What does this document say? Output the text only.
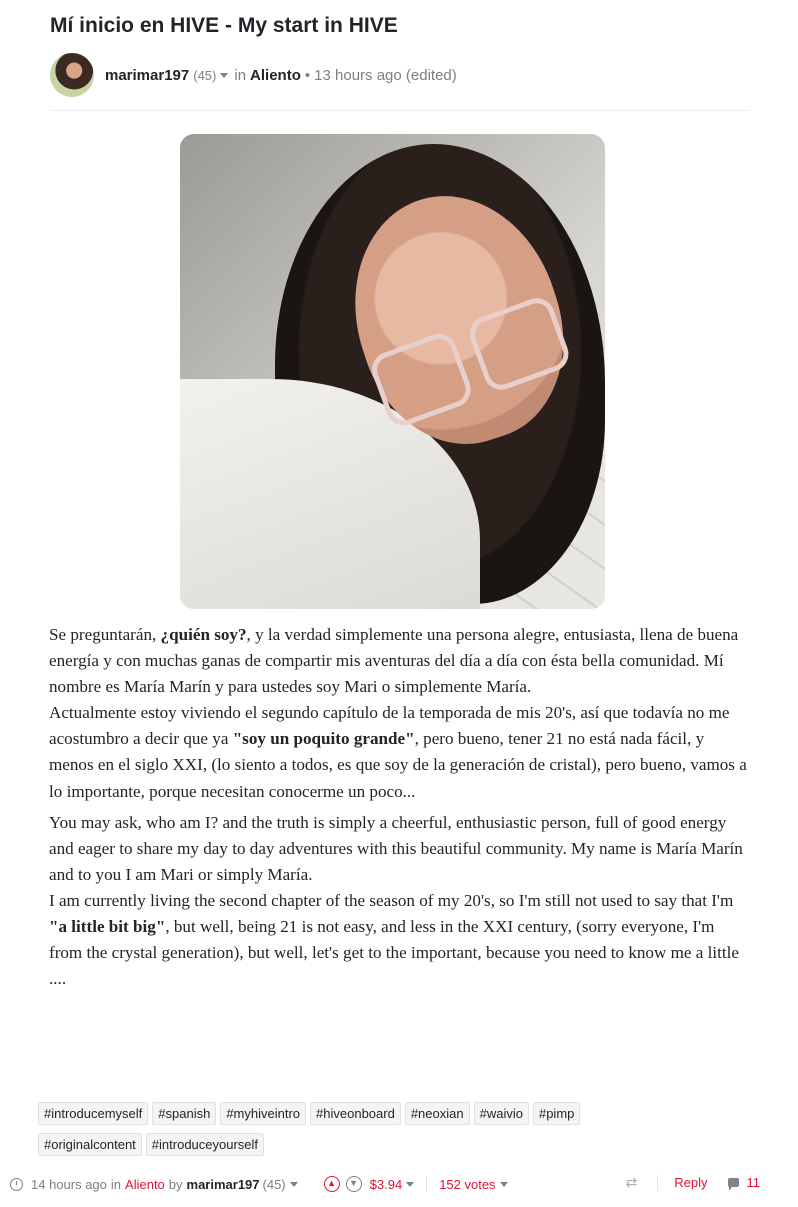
Mí inicio en HIVE - My start in HIVE
marimar197 (45) in Aliento • 13 hours ago (edited)

Se preguntarán, ¿quién soy?, y la verdad simplemente una persona alegre, entusiasta, llena de buena energía y con muchas ganas de compartir mis aventuras del día a día con ésta bella comunidad. Mí nombre es María Marín y para ustedes soy Mari o simplemente María.

Actualmente estoy viviendo el segundo capítulo de la temporada de mis 20's, así que todavía no me acostumbro a decir que ya "soy un poquito grande", pero bueno, tener 21 no está nada fácil, y menos en el siglo XXI, (lo siento a todos, es que soy de la generación de cristal), pero bueno, vamos a lo importante, porque necesitan conocerme un poco...

You may ask, who am I? and the truth is simply a cheerful, enthusiastic person, full of good energy and eager to share my day to day adventures with this beautiful community. My name is María Marín and to you I am Mari or simply María.

I am currently living the second chapter of the season of my 20's, so I'm still not used to say that I'm "a little bit big", but well, being 21 is not easy, and less in the XXI century, (sorry everyone, I'm from the crystal generation), but well, let's get to the important, because you need to know me a little ....

#introducemyself #spanish #myhiveintro #hiveonboard #neoxian #waivio #pimp
#originalcontent #introduceyourself
14 hours ago in Aliento by marimar197 (45)	▲	▼ $3.94	152 votes	⇄	Reply	11
